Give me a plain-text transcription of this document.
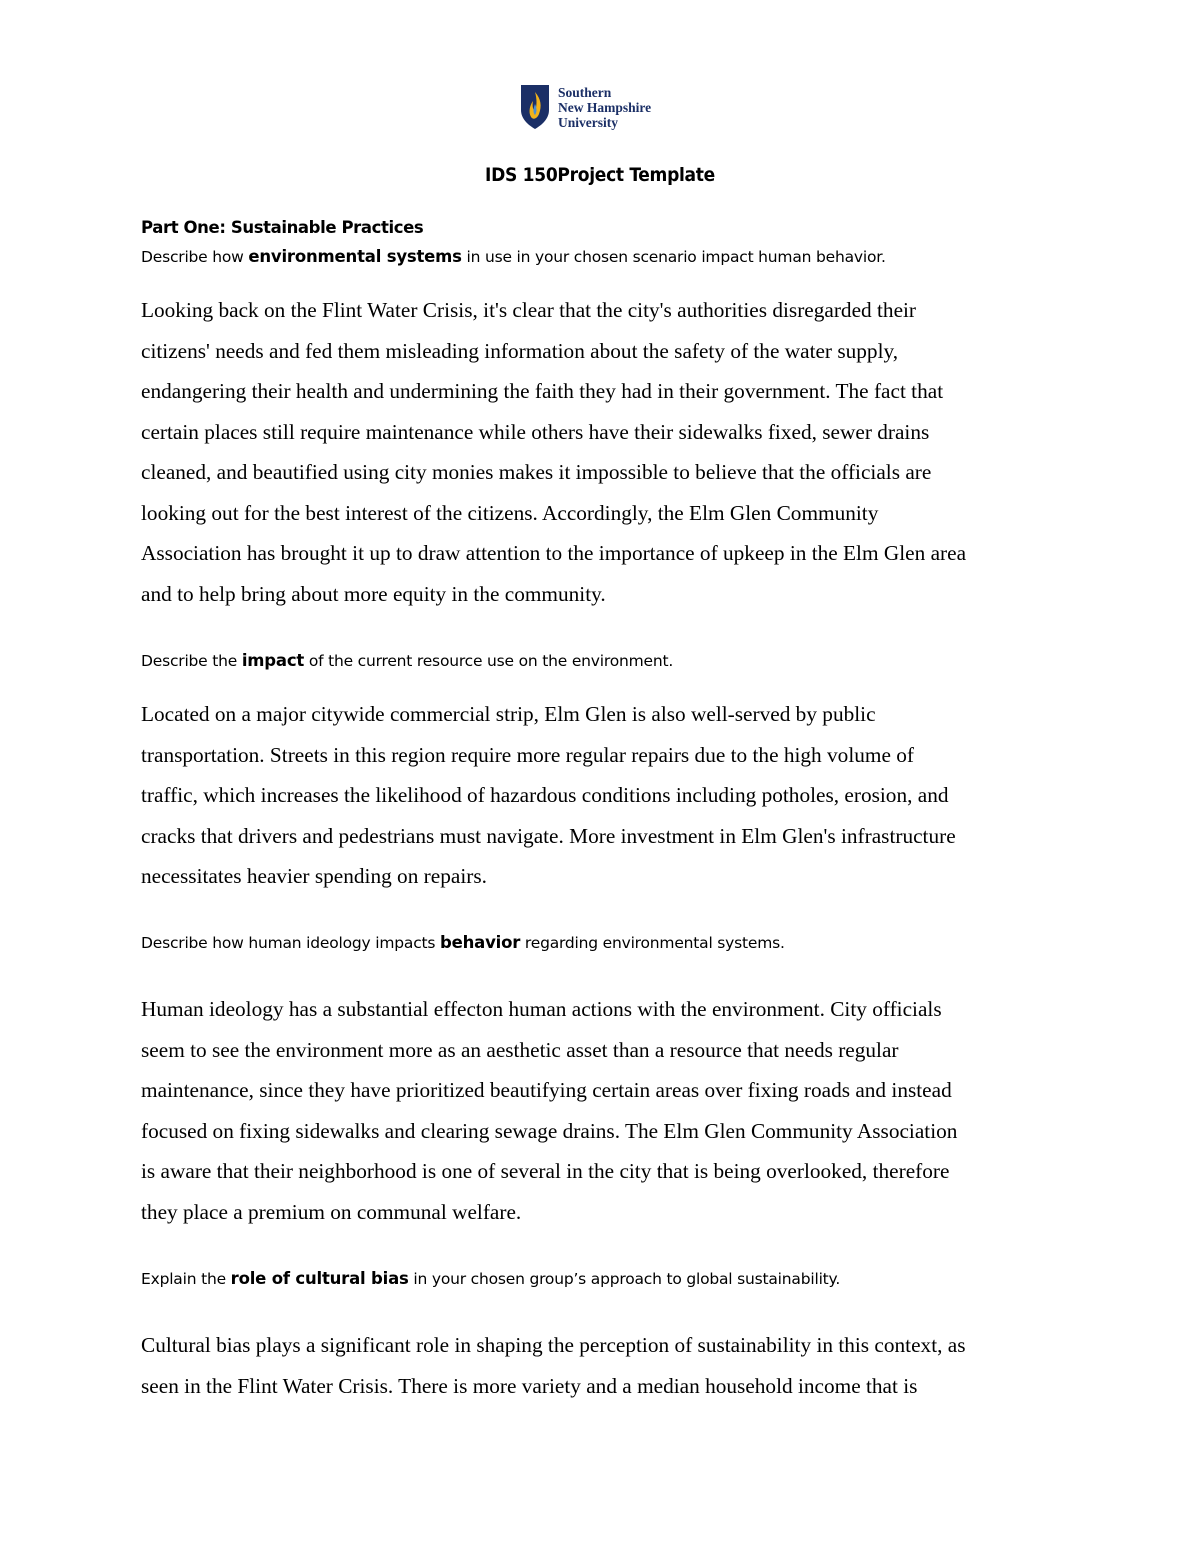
Southern
New Hampshire
University
IDS 150Project Template
Part One: Sustainable Practices
Describe how environmental systems in use in your chosen scenario impact human behavior.
Looking back on the Flint Water Crisis, it's clear that the city's authorities disregarded their
citizens' needs and fed them misleading information about the safety of the water supply,
endangering their health and undermining the faith they had in their government. The fact that
certain places still require maintenance while others have their sidewalks fixed, sewer drains
cleaned, and beautified using city monies makes it impossible to believe that the officials are
looking out for the best interest of the citizens. Accordingly, the Elm Glen Community
Association has brought it up to draw attention to the importance of upkeep in the Elm Glen area
and to help bring about more equity in the community.
Describe the impact of the current resource use on the environment.
Located on a major citywide commercial strip, Elm Glen is also well-served by public
transportation. Streets in this region require more regular repairs due to the high volume of
traffic, which increases the likelihood of hazardous conditions including potholes, erosion, and
cracks that drivers and pedestrians must navigate. More investment in Elm Glen's infrastructure
necessitates heavier spending on repairs.
Describe how human ideology impacts behavior regarding environmental systems.
Human ideology has a substantial effecton human actions with the environment. City officials
seem to see the environment more as an aesthetic asset than a resource that needs regular
maintenance, since they have prioritized beautifying certain areas over fixing roads and instead
focused on fixing sidewalks and clearing sewage drains. The Elm Glen Community Association
is aware that their neighborhood is one of several in the city that is being overlooked, therefore
they place a premium on communal welfare.
Explain the role of cultural bias in your chosen group’s approach to global sustainability.
Cultural bias plays a significant role in shaping the perception of sustainability in this context, as
seen in the Flint Water Crisis. There is more variety and a median household income that is
